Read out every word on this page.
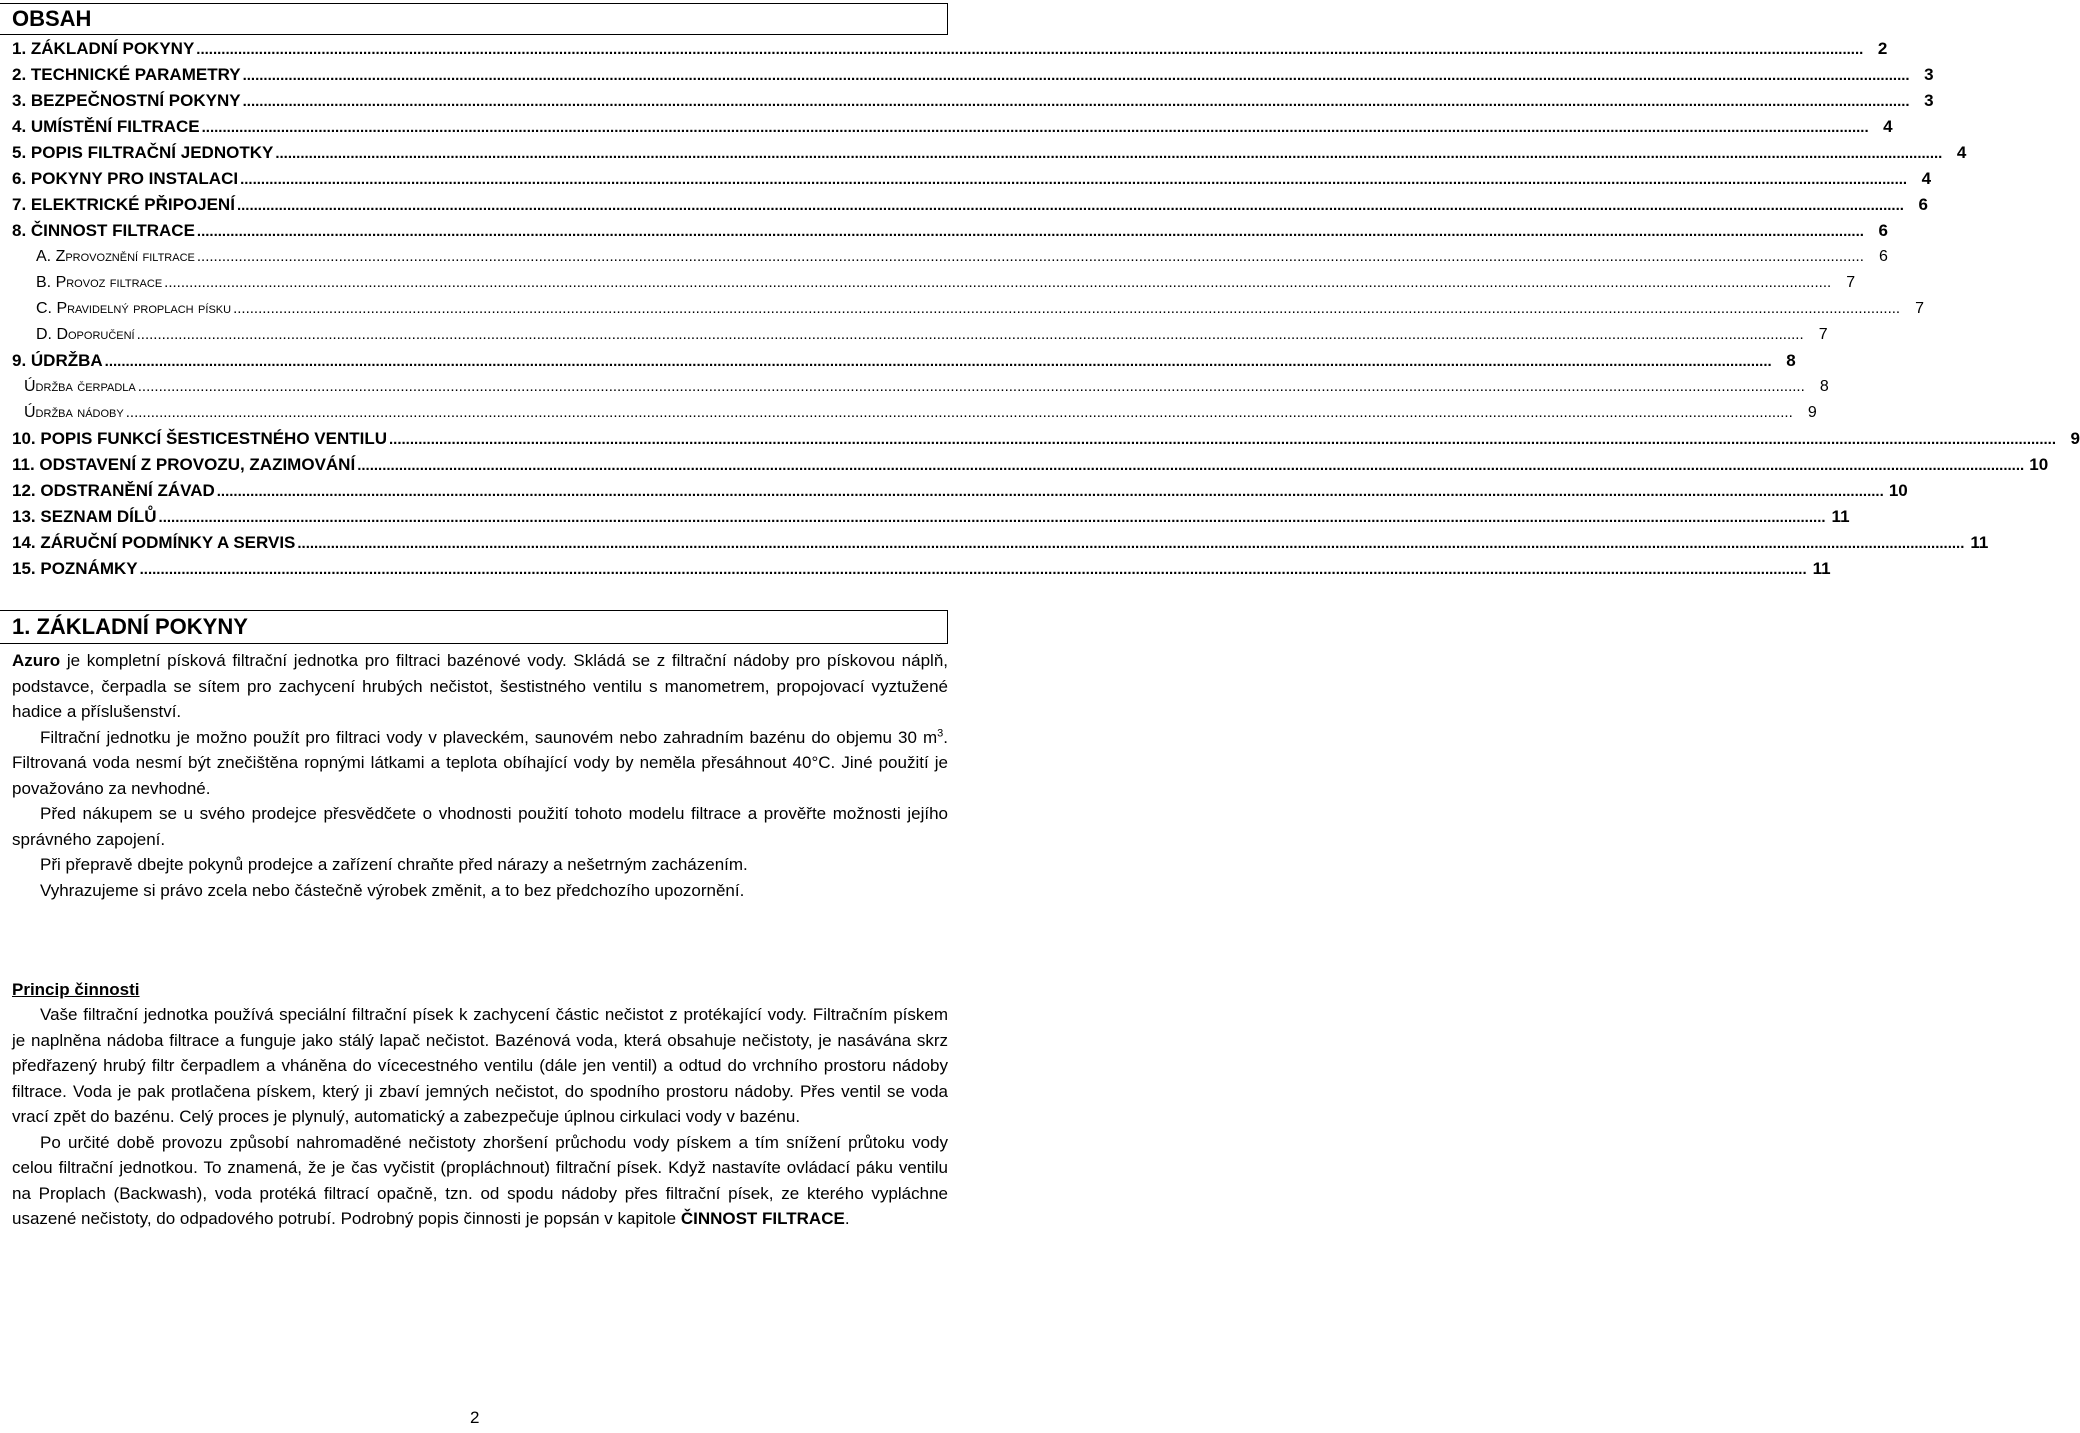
OBSAH
1. ZÁKLADNÍ POKYNY ................................................................................................................................................................................................................................................................................................................................................................................................................ 2
2. TECHNICKÉ PARAMETRY ................................................................................................................................................................................................................................................................................................................................................................................................................ 3
3. BEZPEČNOSTNÍ POKYNY ................................................................................................................................................................................................................................................................................................................................................................................................................ 3
4. UMÍSTĚNÍ FILTRACE ................................................................................................................................................................................................................................................................................................................................................................................................................ 4
5. POPIS FILTRAČNÍ JEDNOTKY ................................................................................................................................................................................................................................................................................................................................................................................................................ 4
6. POKYNY PRO INSTALACI ................................................................................................................................................................................................................................................................................................................................................................................................................ 4
7. ELEKTRICKÉ PŘIPOJENÍ ................................................................................................................................................................................................................................................................................................................................................................................................................ 6
8. ČINNOST FILTRACE ................................................................................................................................................................................................................................................................................................................................................................................................................ 6
A. Zprovoznění filtrace ................................................................................................................................................................................................................................................................................................................................................................................................................ 6
B. Provoz filtrace ................................................................................................................................................................................................................................................................................................................................................................................................................ 7
C. Pravidelný proplach písku ................................................................................................................................................................................................................................................................................................................................................................................................................ 7
D. Doporučení ................................................................................................................................................................................................................................................................................................................................................................................................................ 7
9. ÚDRŽBA ................................................................................................................................................................................................................................................................................................................................................................................................................ 8
Údržba čerpadla ................................................................................................................................................................................................................................................................................................................................................................................................................ 8
Údržba nádoby ................................................................................................................................................................................................................................................................................................................................................................................................................ 9
10. POPIS FUNKCÍ ŠESTICESTNÉHO VENTILU ................................................................................................................................................................................................................................................................................................................................................................................................................ 9
11. ODSTAVENÍ Z PROVOZU, ZAZIMOVÁNÍ ................................................................................................................................................................................................................................................................................................................................................................................................................ 10
12. ODSTRANĚNÍ ZÁVAD ................................................................................................................................................................................................................................................................................................................................................................................................................ 10
13. SEZNAM DÍLŮ ................................................................................................................................................................................................................................................................................................................................................................................................................ 11
14. ZÁRUČNÍ PODMÍNKY A SERVIS ................................................................................................................................................................................................................................................................................................................................................................................................................ 11
15. POZNÁMKY ................................................................................................................................................................................................................................................................................................................................................................................................................ 11
1. ZÁKLADNÍ POKYNY

Azuro je kompletní písková filtrační jednotka pro filtraci bazénové vody. Skládá se z filtrační nádoby pro pískovou náplň, podstavce, čerpadla se sítem pro zachycení hrubých nečistot, šestistného ventilu s manometrem, propojovací vyztužené hadice a příslušenství.

Filtrační jednotku je možno použít pro filtraci vody v plaveckém, saunovém nebo zahradním bazénu do objemu 30 $m^3$. Filtrovaná voda nesmí být znečištěna ropnými látkami a teplota obíhající vody by neměla přesáhnout 40°C. Jiné použití je považováno za nevhodné.

Před nákupem se u svého prodejce přesvědčete o vhodnosti použití tohoto modelu filtrace a prověřte možnosti jejího správného zapojení.

Při přepravě dbejte pokynů prodejce a zařízení chraňte před nárazy a nešetrným zacházením.

Vyhrazujeme si právo zcela nebo částečně výrobek změnit, a to bez předchozího upozornění.

Princip činnosti

Vaše filtrační jednotka používá speciální filtrační písek k zachycení částic nečistot z protékající vody. Filtračním pískem je naplněna nádoba filtrace a funguje jako stálý lapač nečistot. Bazénová voda, která obsahuje nečistoty, je nasávána skrz předřazený hrubý filtr čerpadlem a vháněna do vícecestného ventilu (dále jen ventil) a odtud do vrchního prostoru nádoby filtrace. Voda je pak protlačena pískem, který ji zbaví jemných nečistot, do spodního prostoru nádoby. Přes ventil se voda vrací zpět do bazénu. Celý proces je plynulý, automatický a zabezpečuje úplnou cirkulaci vody v bazénu.

Po určité době provozu způsobí nahromaděné nečistoty zhoršení průchodu vody pískem a tím snížení průtoku vody celou filtrační jednotkou. To znamená, že je čas vyčistit (propláchnout) filtrační písek. Když nastavíte ovládací páku ventilu na Proplach (Backwash), voda protéká filtrací opačně, tzn. od spodu nádoby přes filtrační písek, ze kterého vypláchne usazené nečistoty, do odpadového potrubí. Podrobný popis činnosti je popsán v kapitole ČINNOST FILTRACE.

2
